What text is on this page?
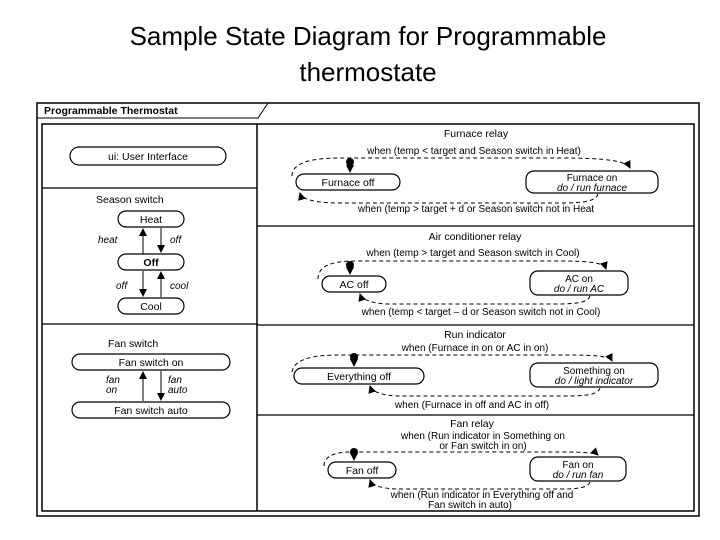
Sample State Diagram for Programmable
thermostate
Programmable Thermostat
ui: User Interface
Season switch
Heat
Off
Cool
heat	off
off	cool
Fan switch
Fan switch on
Fan switch auto
fan
on
fan
auto
Furnace relay
when (temp < target and Season switch in Heat)
Furnace off	Furnace on
do / run furnace
when (temp > target + d or Season switch not in Heat
Air conditioner relay
when (temp > target and Season switch in Cool)
AC off	AC on
do / run AC
when (temp < target – d or Season switch not in Cool)
Run indicator
when (Furnace in on or AC in on)
Everything off	Something on
do / light indicator
when (Furnace in off and AC in off)
Fan relay
when (Run indicator in Something on
or Fan switch in on)
Fan off	Fan on
do / run fan
when (Run indicator in Everything off and
Fan switch in auto)
